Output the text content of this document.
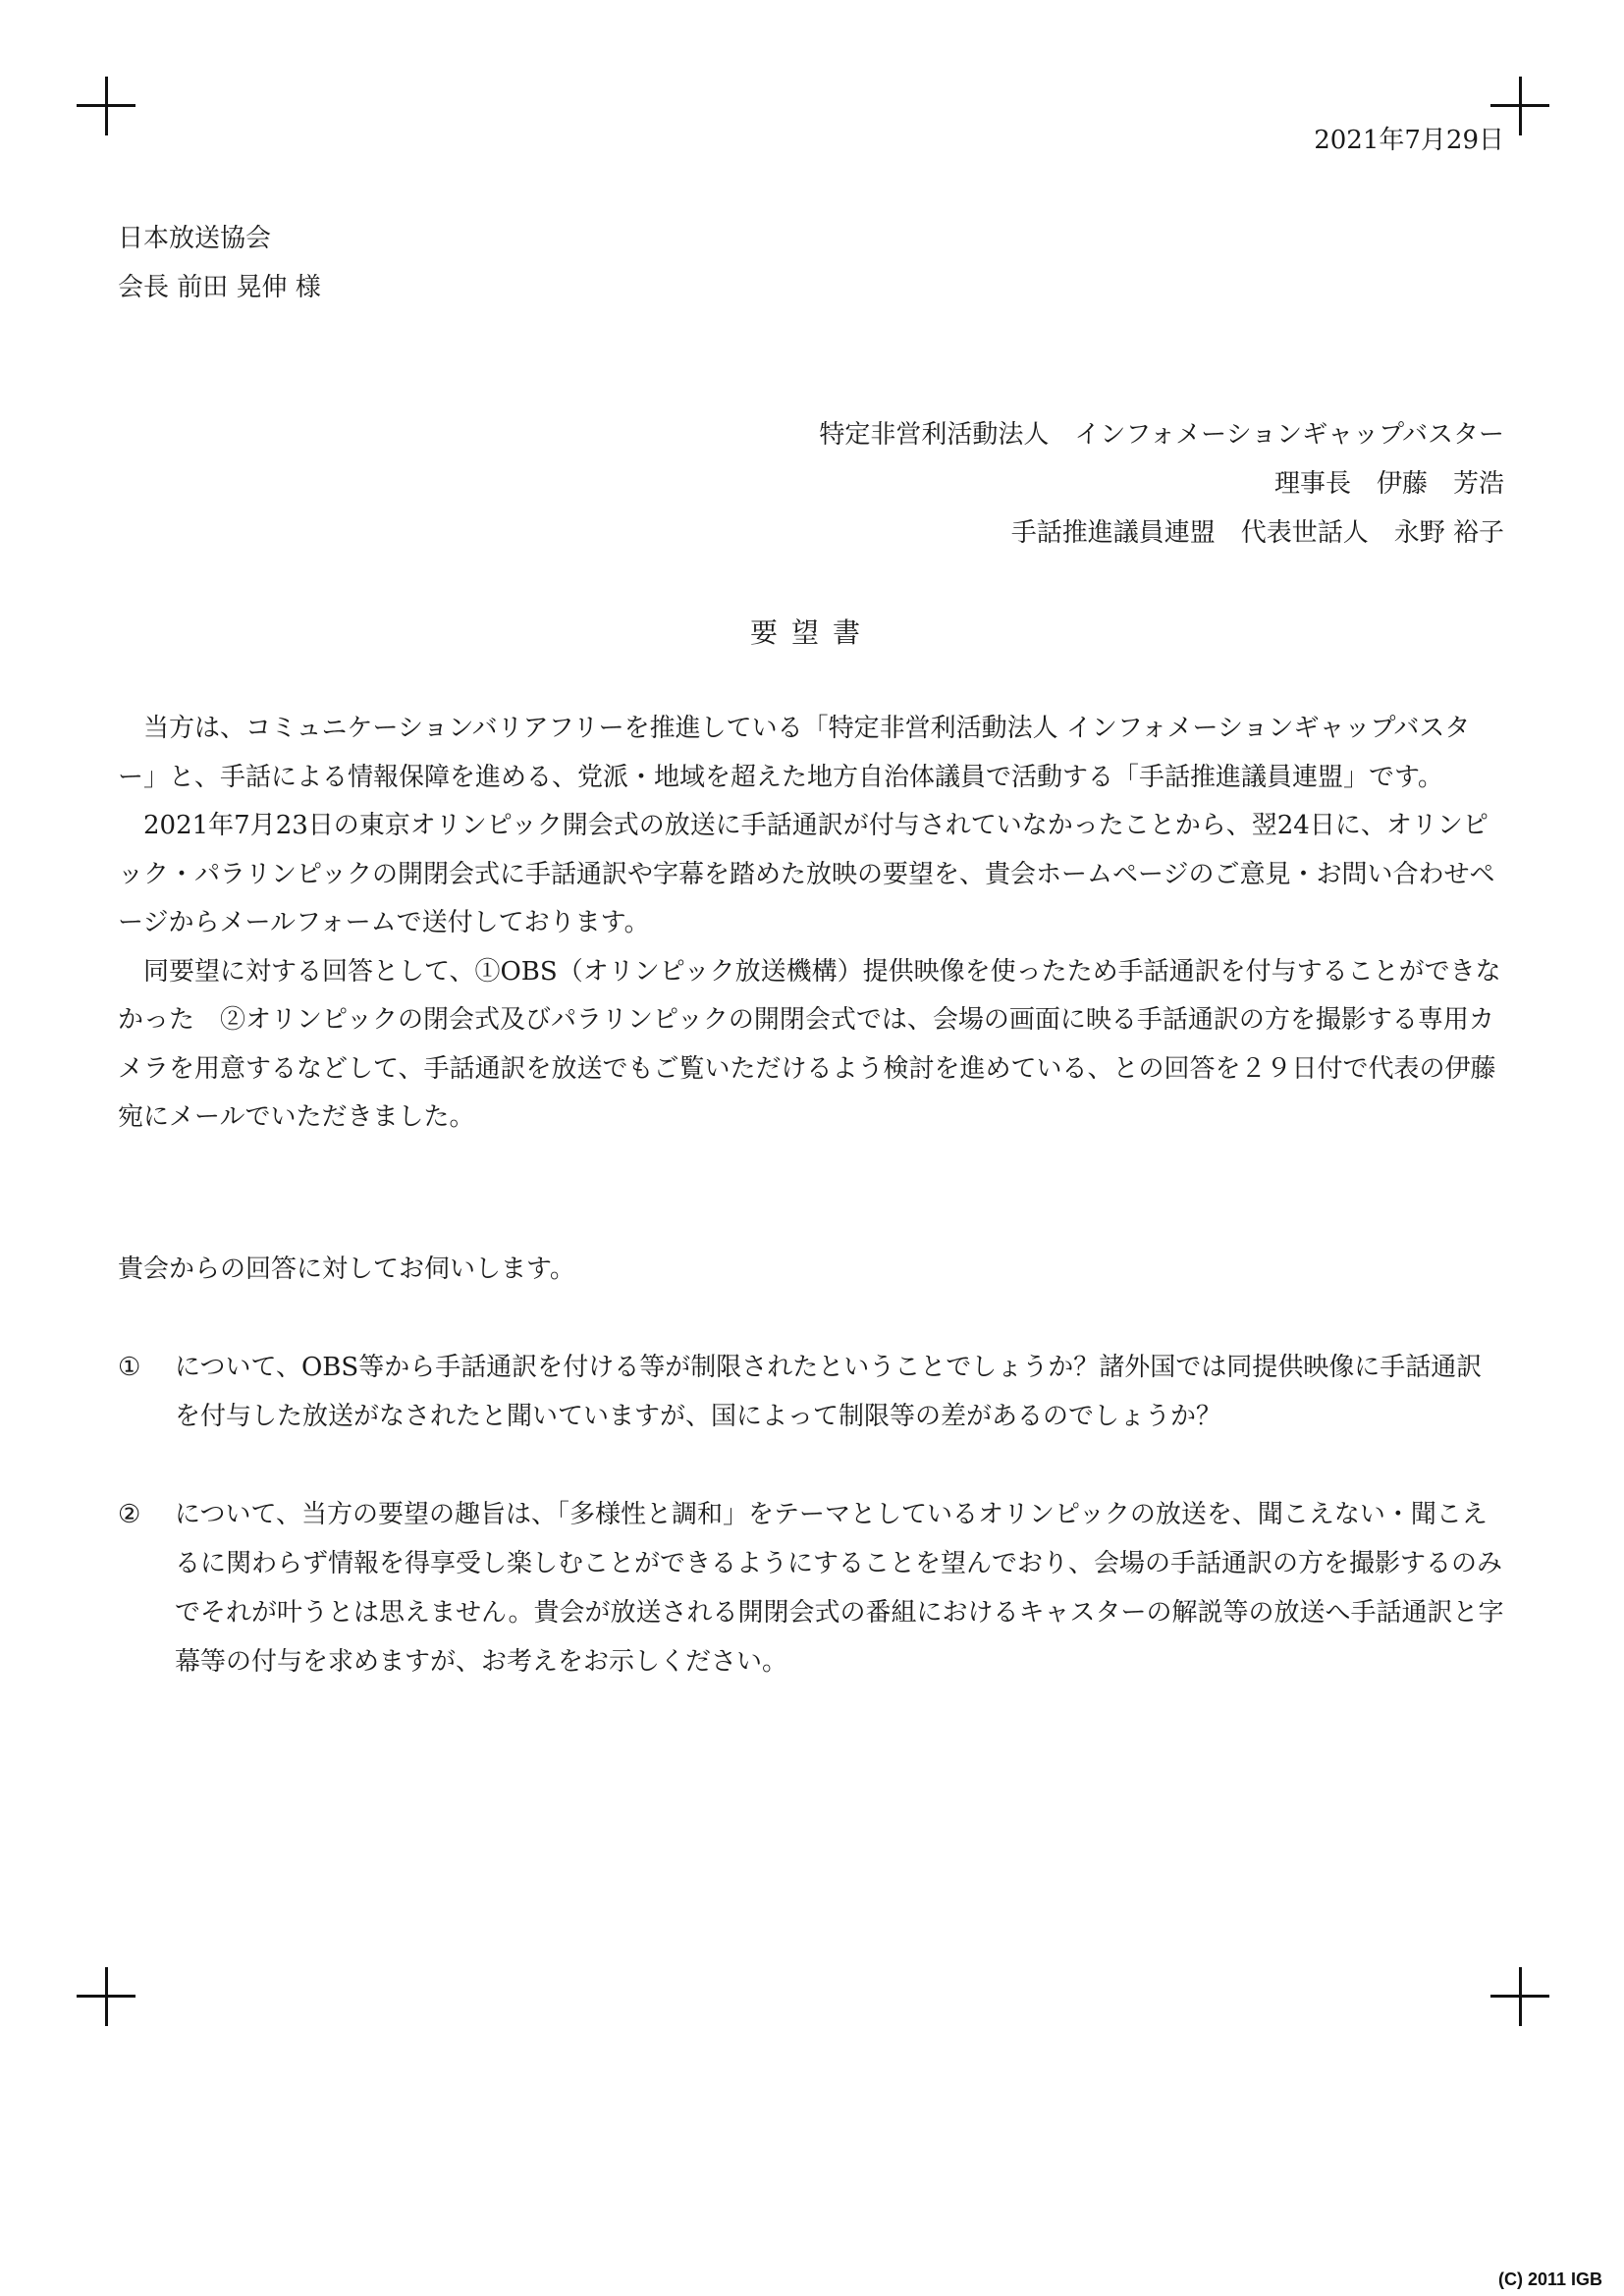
2021年7月29日
日本放送協会
会長 前田 晃伸 様
特定非営利活動法人　インフォメーションギャップバスター
理事長　伊藤　芳浩
手話推進議員連盟　代表世話人　永野 裕子
要望書

当方は、コミュニケーションバリアフリーを推進している「特定非営利活動法人 インフォメーションギャップバスター」と、手話による情報保障を進める、党派・地域を超えた地方自治体議員で活動する「手話推進議員連盟」です。

2021年7月23日の東京オリンピック開会式の放送に手話通訳が付与されていなかったことから、翌24日に、オリンピック・パラリンピックの開閉会式に手話通訳や字幕を踏めた放映の要望を、貴会ホームページのご意見・お問い合わせページからメールフォームで送付しております。

同要望に対する回答として、①OBS（オリンピック放送機構）提供映像を使ったため手話通訳を付与することができなかった　②オリンピックの閉会式及びパラリンピックの開閉会式では、会場の画面に映る手話通訳の方を撮影する専用カメラを用意するなどして、手話通訳を放送でもご覧いただけるよう検討を進めている、との回答を２９日付で代表の伊藤宛にメールでいただきました。

貴会からの回答に対してお伺いします。
① について、OBS等から手話通訳を付ける等が制限されたということでしょうか？諸外国では同提供映像に手話通訳を付与した放送がなされたと聞いていますが、国によって制限等の差があるのでしょうか？
② について、当方の要望の趣旨は、「多様性と調和」をテーマとしているオリンピックの放送を、聞こえない・聞こえるに関わらず情報を得享受し楽しむことができるようにすることを望んでおり、会場の手話通訳の方を撮影するのみでそれが叶うとは思えません。貴会が放送される開閉会式の番組におけるキャスターの解説等の放送へ手話通訳と字幕等の付与を求めますが、お考えをお示しください。
(C) 2011 IGB
